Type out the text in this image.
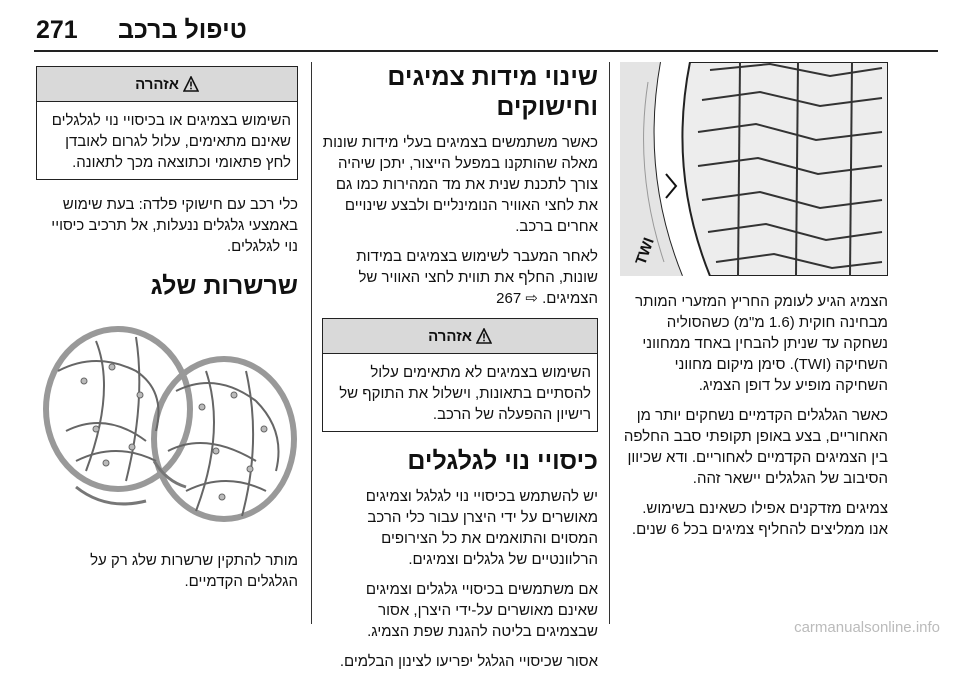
271 טיפול ברכב
TWI

הצמיג הגיע לעומק החריץ המזערי המותר מבחינה חוקית (1.6 מ"מ) כשהסוליה נשחקה עד שניתן להבחין באחד ממחווני השחיקה (TWI). סימן מיקום מחווני השחיקה מופיע על דופן הצמיג.

כאשר הגלגלים הקדמיים נשחקים יותר מן האחוריים, בצע באופן תקופתי סבב החלפה בין הצמיגים הקדמיים לאחוריים. ודא שכיוון הסיבוב של הגלגלים יישאר זהה.

צמיגים מזדקנים אפילו כשאינם בשימוש. אנו ממליצים להחליף צמיגים בכל 6 שנים.

שינוי מידות צמיגים וחישוקים

כאשר משתמשים בצמיגים בעלי מידות שונות מאלה שהותקנו במפעל הייצור, יתכן שיהיה צורך לתכנת שנית את מד המהירות כמו גם את לחצי האוויר הנומינליים ולבצע שינויים אחרים ברכב.

לאחר המעבר לשימוש בצמיגים במידות שונות, החלף את תווית לחצי האוויר של הצמיגים. ⇨ 267

אזהרה
השימוש בצמיגים לא מתאימים עלול להסתיים בתאונות, וישלול את התוקף של רישיון ההפעלה של הרכב.
כיסויי נוי לגלגלים

יש להשתמש בכיסויי נוי לגלגל וצמיגים מאושרים על ידי היצרן עבור כלי הרכב המסוים והתואמים את כל הצירופים הרלוונטיים של גלגלים וצמיגים.

אם משתמשים בכיסויי גלגלים וצמיגים שאינם מאושרים על-ידי היצרן, אסור שבצמיגים בליטה להגנת שפת הצמיג.

אסור שכיסויי הגלגל יפריעו לצינון הבלמים.

אזהרה
השימוש בצמיגים או בכיסויי נוי לגלגלים שאינם מתאימים, עלול לגרום לאובדן לחץ פתאומי וכתוצאה מכך לתאונה.

כלי רכב עם חישוקי פלדה: בעת שימוש באמצעי גלגלים ננעלות, אל תרכיב כיסויי נוי לגלגלים.

שרשרות שלג

מותר להתקין שרשרות שלג רק על הגלגלים הקדמיים.

carmanualsonline.info
